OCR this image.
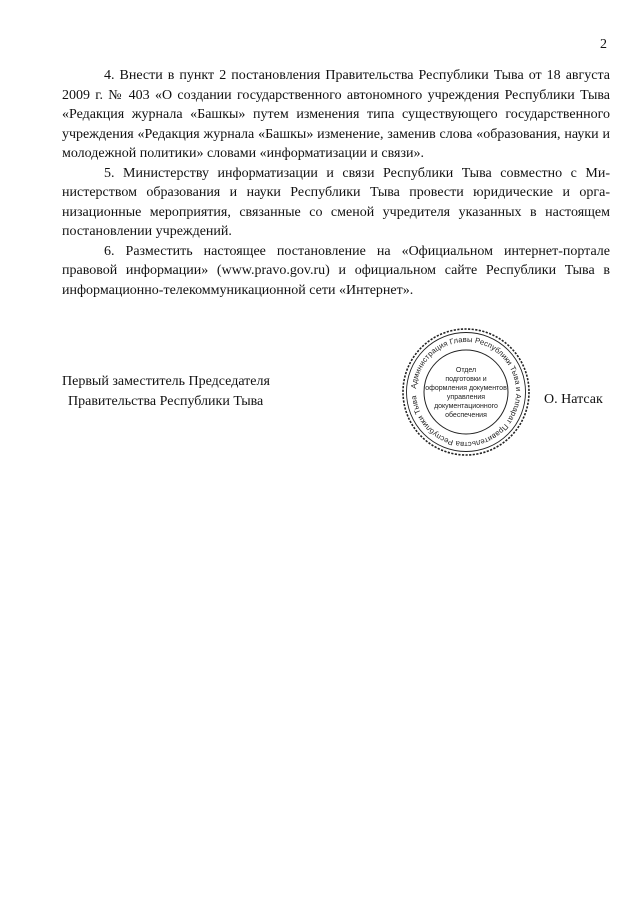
2

4. Внести в пункт 2 постановления Правительства Республики Тыва от 18 августа 2009 г. № 403 «О создании государственного автономного учреждения Республики Тыва «Редакция журнала «Башкы» путем изменения типа существующего государственного учреждения «Редакция журнала «Башкы» изменение, заменив слова «образования, науки и молодежной политики» словами «информатизации и связи».

5. Министерству информатизации и связи Республики Тыва совместно с Министерством образования и науки Республики Тыва провести юридические и организационные мероприятия, связанные со сменой учредителя указанных в настоящем постановлении учреждений.

6. Разместить настоящее постановление на «Официальном интернет-портале правовой информации» (www.pravo.gov.ru) и официальном сайте Республики Тыва в информационно-телекоммуникационной сети «Интернет».

Первый заместитель Председателя
Правительства Республики Тыва
Администрация Главы Республики Тыва и Аппарат Правительства Республики Тыва
Отдел
подготовки и
оформления документов
управления
документационного
обеспечения
О. Натсак
